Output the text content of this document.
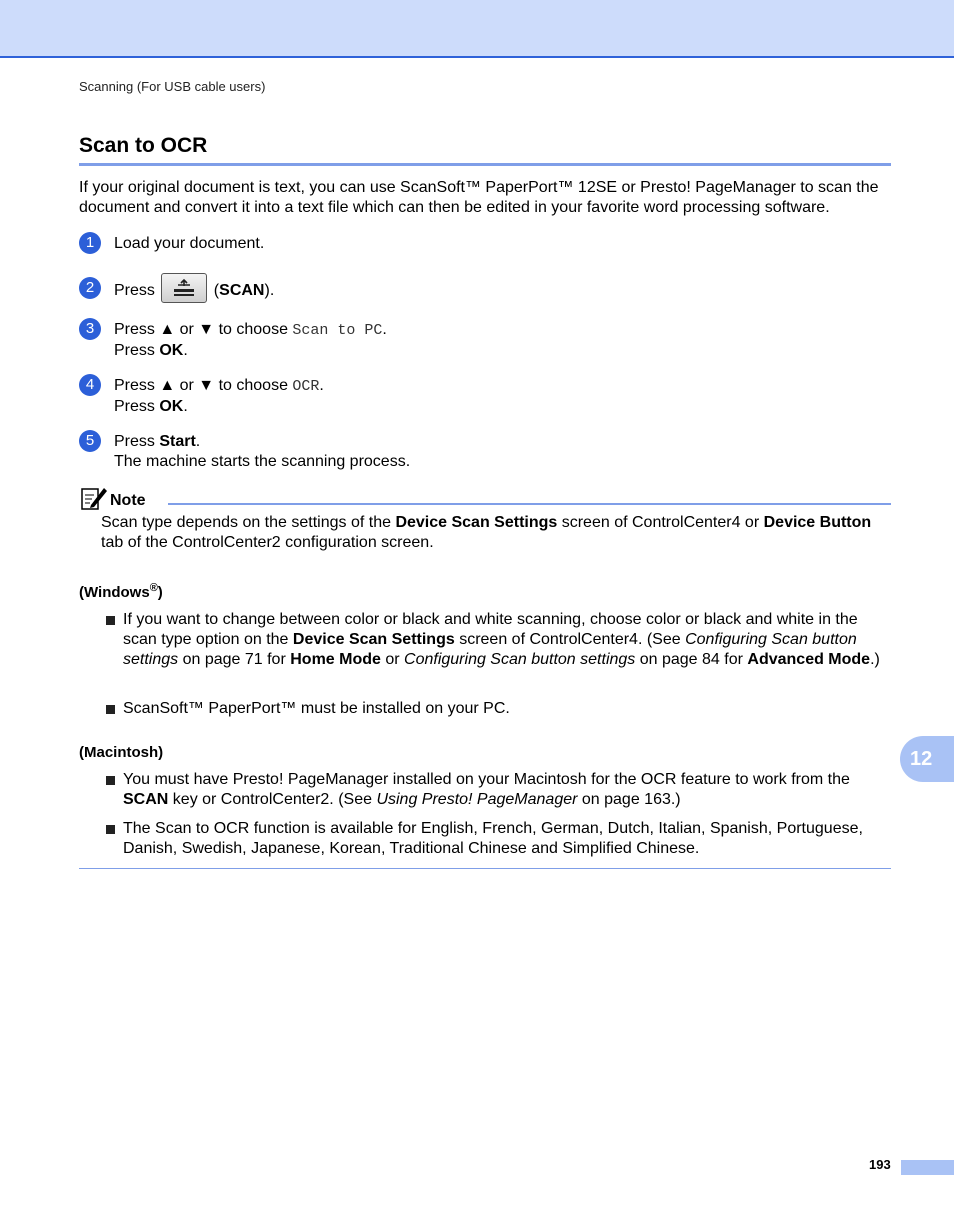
Scanning (For USB cable users)
Scan to OCR
If your original document is text, you can use ScanSoft™ PaperPort™ 12SE or Presto! PageManager to scan the document and convert it into a text file which can then be edited in your favorite word processing software.
1	Load your document.
2	Press	(SCAN).
3	Press ▲ or ▼ to choose Scan to PC.
Press OK.
4	Press ▲ or ▼ to choose OCR.
Press OK.
5	Press Start.
The machine starts the scanning process.
Note
Scan type depends on the settings of the Device Scan Settings screen of ControlCenter4 or Device Button tab of the ControlCenter2 configuration screen.
(Windows®)
If you want to change between color or black and white scanning, choose color or black and white in the scan type option on the Device Scan Settings screen of ControlCenter4. (See Configuring Scan button settings on page 71 for Home Mode or Configuring Scan button settings on page 84 for Advanced Mode.)
ScanSoft™ PaperPort™ must be installed on your PC.
(Macintosh)
You must have Presto! PageManager installed on your Macintosh for the OCR feature to work from the SCAN key or ControlCenter2. (See Using Presto! PageManager on page 163.)
The Scan to OCR function is available for English, French, German, Dutch, Italian, Spanish, Portuguese, Danish, Swedish, Japanese, Korean, Traditional Chinese and Simplified Chinese.
12
193
